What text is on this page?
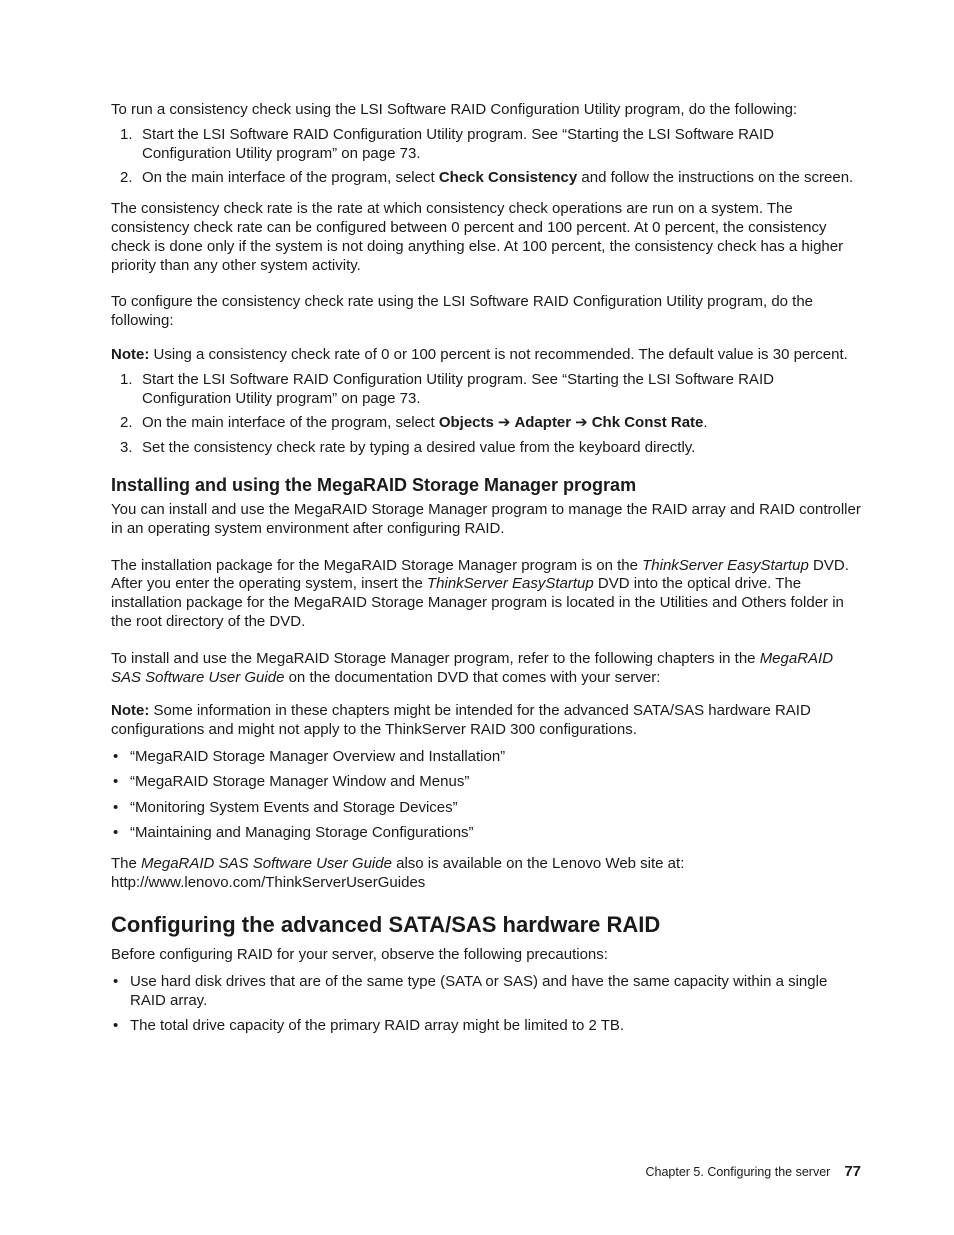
To run a consistency check using the LSI Software RAID Configuration Utility program, do the following:

1. Start the LSI Software RAID Configuration Utility program. See “Starting the LSI Software RAID Configuration Utility program” on page 73.
2. On the main interface of the program, select Check Consistency and follow the instructions on the screen.

The consistency check rate is the rate at which consistency check operations are run on a system. The consistency check rate can be configured between 0 percent and 100 percent. At 0 percent, the consistency check is done only if the system is not doing anything else. At 100 percent, the consistency check has a higher priority than any other system activity.

To configure the consistency check rate using the LSI Software RAID Configuration Utility program, do the following:

Note: Using a consistency check rate of 0 or 100 percent is not recommended. The default value is 30 percent.

1. Start the LSI Software RAID Configuration Utility program. See “Starting the LSI Software RAID Configuration Utility program” on page 73.
2. On the main interface of the program, select Objects ➔ Adapter ➔ Chk Const Rate.
3. Set the consistency check rate by typing a desired value from the keyboard directly.
Installing and using the MegaRAID Storage Manager program

You can install and use the MegaRAID Storage Manager program to manage the RAID array and RAID controller in an operating system environment after configuring RAID.

The installation package for the MegaRAID Storage Manager program is on the ThinkServer EasyStartup DVD. After you enter the operating system, insert the ThinkServer EasyStartup DVD into the optical drive. The installation package for the MegaRAID Storage Manager program is located in the Utilities and Others folder in the root directory of the DVD.

To install and use the MegaRAID Storage Manager program, refer to the following chapters in the MegaRAID SAS Software User Guide on the documentation DVD that comes with your server:

Note: Some information in these chapters might be intended for the advanced SATA/SAS hardware RAID configurations and might not apply to the ThinkServer RAID 300 configurations.

• “MegaRAID Storage Manager Overview and Installation”
• “MegaRAID Storage Manager Window and Menus”
• “Monitoring System Events and Storage Devices”
• “Maintaining and Managing Storage Configurations”

The MegaRAID SAS Software User Guide also is available on the Lenovo Web site at:
http://www.lenovo.com/ThinkServerUserGuides

Configuring the advanced SATA/SAS hardware RAID

Before configuring RAID for your server, observe the following precautions:

• Use hard disk drives that are of the same type (SATA or SAS) and have the same capacity within a single RAID array.
• The total drive capacity of the primary RAID array might be limited to 2 TB.
Chapter 5. Configuring the server 77
